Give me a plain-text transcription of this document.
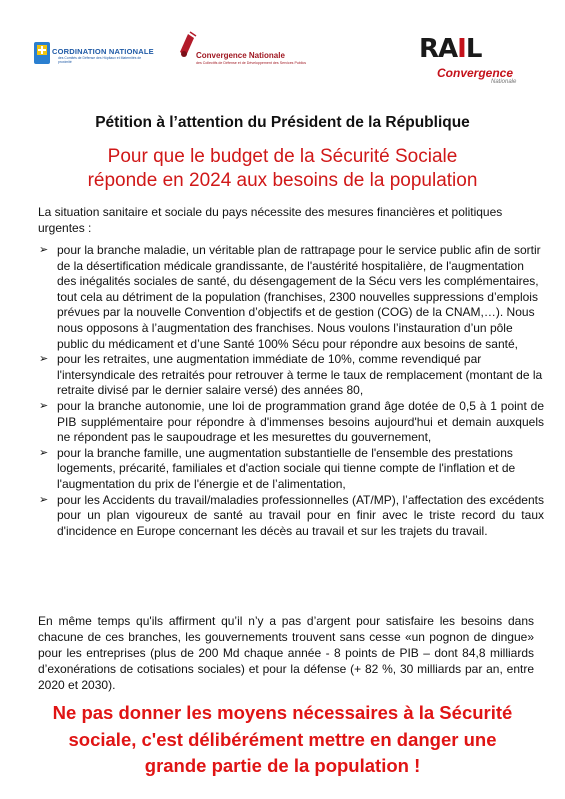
CORDINATION NATIONALE
des Comités de Défense des Hôpitaux et Maternités de proximité
Convergence Nationale
des Collectifs de Défense et de Développement des Services Publics	RAIL
Convergence
Nationale
Pétition à l’attention du Président de la République
Pour que le budget de la Sécurité Sociale
réponde en 2024 aux besoins de la population
La situation sanitaire et sociale du pays nécessite des mesures financières et politiques urgentes :
➢ pour la branche maladie, un véritable plan de rattrapage pour le service public afin de sortir de la désertification médicale grandissante, de l'austérité hospitalière, de l'augmentation des inégalités sociales de santé, du désengagement de la Sécu vers les complémentaires, tout cela au détriment de la population (franchises, 2300 nouvelles suppressions d’emplois prévues par la nouvelle Convention d’objectifs et de gestion (COG) de la CNAM,…). Nous nous opposons à l’augmentation des franchises. Nous voulons l’instauration d’un pôle public du médicament et d’une Santé 100% Sécu pour répondre aux besoins de santé,
➢ pour les retraites, une augmentation immédiate de 10%, comme revendiqué par l'intersyndicale des retraités pour retrouver à terme le taux de remplacement (montant de la retraite divisé par le dernier salaire versé) des années 80,
➢ pour la branche autonomie, une loi de programmation grand âge dotée de 0,5 à 1 point de PIB supplémentaire pour répondre à d'immenses besoins aujourd'hui et demain auxquels ne répondent pas le saupoudrage et les mesurettes du gouvernement,
➢ pour la branche famille, une augmentation substantielle de l'ensemble des prestations logements, précarité, familiales et d'action sociale qui tienne compte de l'inflation et de l'augmentation du prix de l'énergie et de l’alimentation,
➢ pour les Accidents du travail/maladies professionnelles (AT/MP), l’affectation des excédents pour un plan vigoureux de santé au travail pour en finir avec le triste record du taux d'incidence en Europe concernant les décès au travail et sur les trajets du travail.
En même temps qu'ils affirment qu’il n’y a pas d’argent pour satisfaire les besoins dans chacune de ces branches, les gouvernements trouvent sans cesse «un pognon de dingue» pour les entreprises (plus de 200 Md chaque année - 8 points de PIB – dont 84,8 milliards d’exonérations de cotisations sociales) et pour la défense (+ 82 %, 30 milliards par an, entre 2020 et 2030).
Ne pas donner les moyens nécessaires à la Sécurité
sociale, c'est délibérément mettre en danger une
grande partie de la population !
